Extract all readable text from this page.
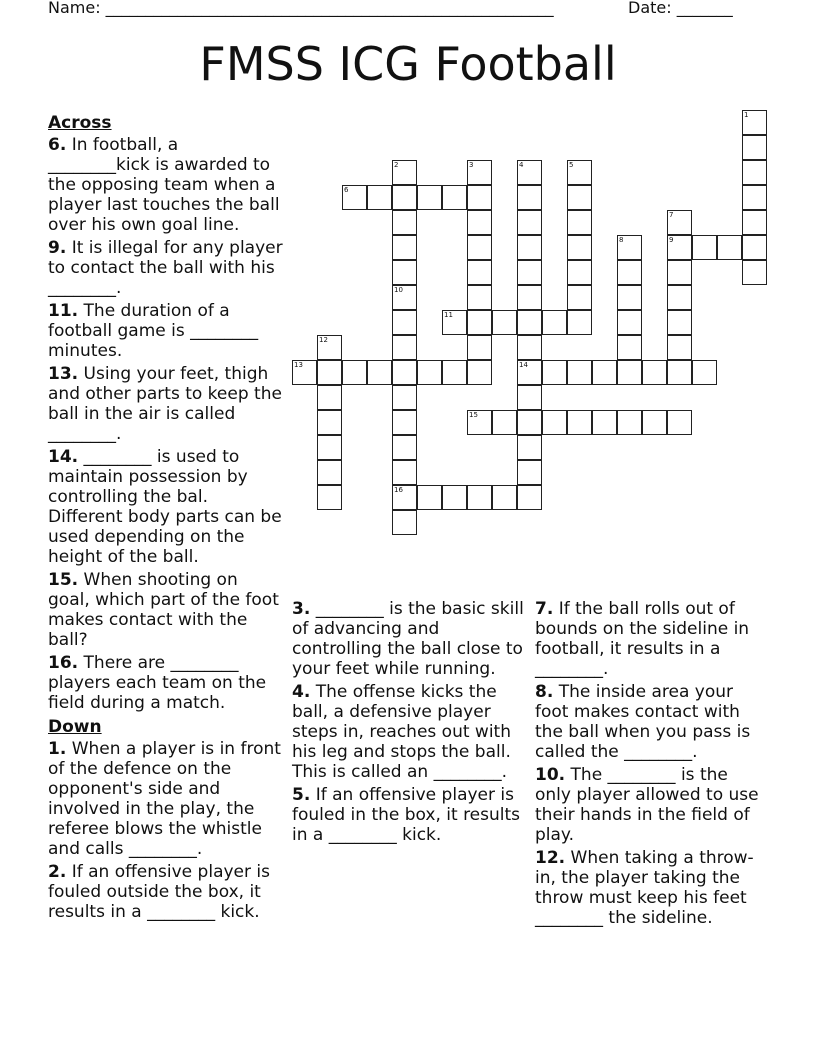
Name: ________________________________________________________	Date: _______
FMSS ICG Football
1
2	3	4
14
5
6
7
9
8
10
16
11
12
13
15
Across
6. In football, a
________kick is awarded to the opposing team when a player last touches the ball over his own goal line.
9. It is illegal for any player to contact the ball with his ________.
11. The duration of a football game is ________ minutes.
13. Using your feet, thigh and other parts to keep the ball in the air is called ________.
14. ________ is used to maintain possession by controlling the bal. Different body parts can be used depending on the height of the ball.
15. When shooting on goal, which part of the foot makes contact with the ball?
16. There are ________ players each team on the field during a match.
Down
1. When a player is in front of the defence on the opponent's side and involved in the play, the referee blows the whistle and calls ________.
2. If an offensive player is fouled outside the box, it results in a ________ kick.
3. ________ is the basic skill of advancing and controlling the ball close to your feet while running.
4. The offense kicks the ball, a defensive player steps in, reaches out with his leg and stops the ball. This is called an ________.
5. If an offensive player is fouled in the box, it results in a ________ kick.
7. If the ball rolls out of bounds on the sideline in football, it results in a ________.
8. The inside area your foot makes contact with the ball when you pass is called the ________.
10. The ________ is the only player allowed to use their hands in the field of play.
12. When taking a throw-in, the player taking the throw must keep his feet ________ the sideline.
